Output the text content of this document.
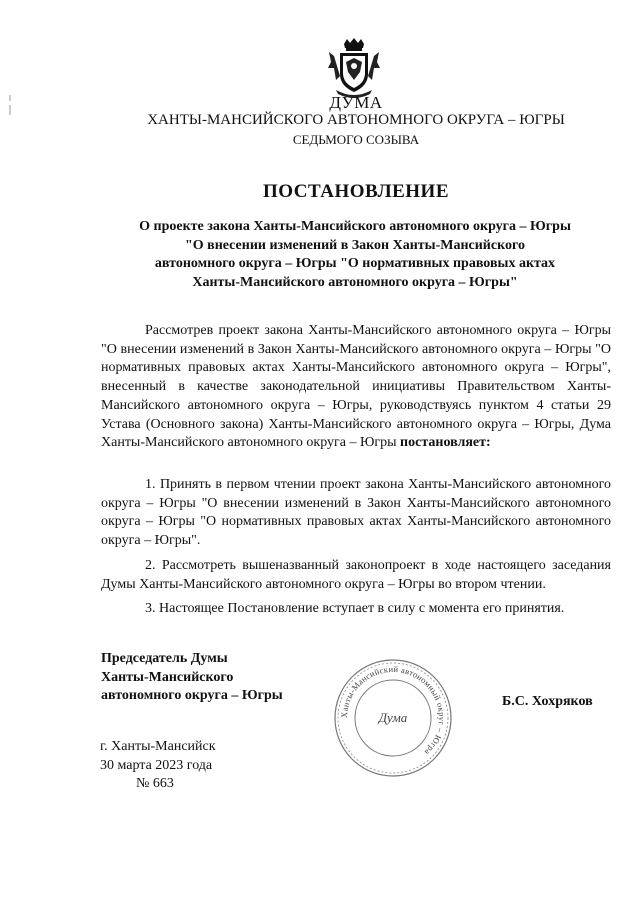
ДУМА
ХАНТЫ-МАНСИЙСКОГО АВТОНОМНОГО ОКРУГА – ЮГРЫ
СЕДЬМОГО СОЗЫВА
ПОСТАНОВЛЕНИЕ
О проекте закона Ханты-Мансийского автономного округа – Югры
"О внесении изменений в Закон Ханты-Мансийского
автономного округа – Югры "О нормативных правовых актах
Ханты-Мансийского автономного округа – Югры"

Рассмотрев проект закона Ханты-Мансийского автономного округа – Югры "О внесении изменений в Закон Ханты-Мансийского автономного округа – Югры "О нормативных правовых актах Ханты-Мансийского автономного округа – Югры", внесенный в качестве законодательной инициативы Правительством Ханты-Мансийского автономного округа – Югры, руководствуясь пунктом 4 статьи 29 Устава (Основного закона) Ханты-Мансийского автономного округа – Югры, Дума Ханты-Мансийского автономного округа – Югры постановляет:

1. Принять в первом чтении проект закона Ханты-Мансийского автономного округа – Югры "О внесении изменений в Закон Ханты-Мансийского автономного округа – Югры "О нормативных правовых актах Ханты-Мансийского автономного округа – Югры".

2. Рассмотреть вышеназванный законопроект в ходе настоящего заседания Думы Ханты-Мансийского автономного округа – Югры во втором чтении.

3. Настоящее Постановление вступает в силу с момента его принятия.

Председатель Думы
Ханты-Мансийского
автономного округа – Югры
Ханты-Мансийский автономный округ – Югра
Дума
Б.С. Хохряков
г. Ханты-Мансийск
30 марта 2023 года
№ 663
